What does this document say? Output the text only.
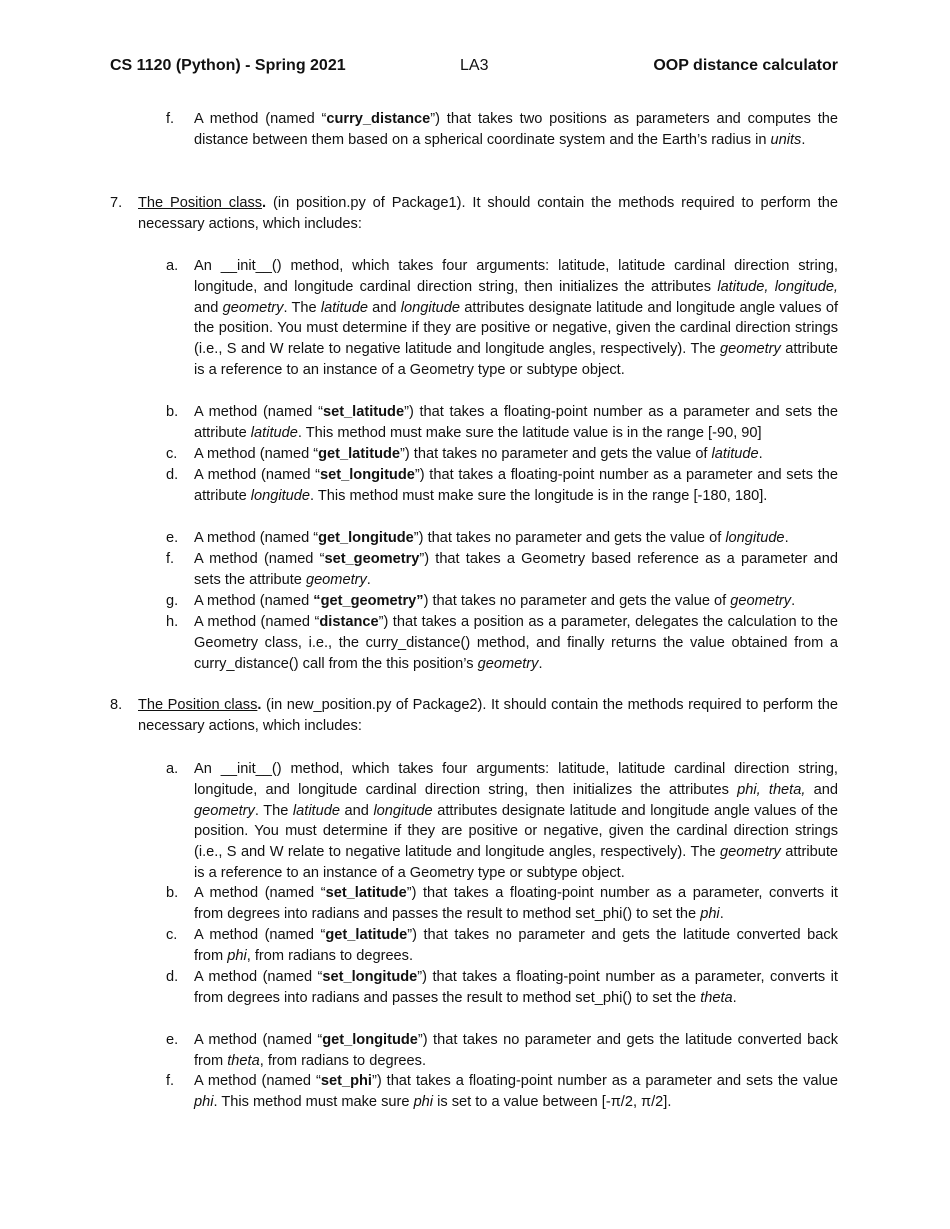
CS 1120 (Python) - Spring 2021	LA3	OOP distance calculator
f.	A method (named “curry_distance”) that takes two positions as parameters and computes the distance between them based on a spherical coordinate system and the Earth’s radius in units.
7.	The Position class. (in position.py of Package1). It should contain the methods required to perform the necessary actions, which includes:
a.	An __init__() method, which takes four arguments: latitude, latitude cardinal direction string, longitude, and longitude cardinal direction string, then initializes the attributes latitude, longitude, and geometry. The latitude and longitude attributes designate latitude and longitude angle values of the position. You must determine if they are positive or negative, given the cardinal direction strings (i.e., S and W relate to negative latitude and longitude angles, respectively). The geometry attribute is a reference to an instance of a Geometry type or subtype object.
b.	A method (named “set_latitude”) that takes a floating-point number as a parameter and sets the attribute latitude. This method must make sure the latitude value is in the range [-90, 90]
c.	A method (named “get_latitude”) that takes no parameter and gets the value of latitude.
d.	A method (named “set_longitude”) that takes a floating-point number as a parameter and sets the attribute longitude. This method must make sure the longitude is in the range [-180, 180].
e.	A method (named “get_longitude”) that takes no parameter and gets the value of longitude.
f.	A method (named “set_geometry”) that takes a Geometry based reference as a parameter and sets the attribute geometry.
g.	A method (named “get_geometry”) that takes no parameter and gets the value of geometry.
h.	A method (named “distance”) that takes a position as a parameter, delegates the calculation to the Geometry class, i.e., the curry_distance() method, and finally returns the value obtained from a curry_distance() call from the this position’s geometry.
8.	The Position class. (in new_position.py of Package2). It should contain the methods required to perform the necessary actions, which includes:
a.	An __init__() method, which takes four arguments: latitude, latitude cardinal direction string, longitude, and longitude cardinal direction string, then initializes the attributes phi, theta, and geometry. The latitude and longitude attributes designate latitude and longitude angle values of the position. You must determine if they are positive or negative, given the cardinal direction strings (i.e., S and W relate to negative latitude and longitude angles, respectively). The geometry attribute is a reference to an instance of a Geometry type or subtype object.
b.	A method (named “set_latitude”) that takes a floating-point number as a parameter, converts it from degrees into radians and passes the result to method set_phi() to set the phi.
c.	A method (named “get_latitude”) that takes no parameter and gets the latitude converted back from phi, from radians to degrees.
d.	A method (named “set_longitude”) that takes a floating-point number as a parameter, converts it from degrees into radians and passes the result to method set_phi() to set the theta.
e.	A method (named “get_longitude”) that takes no parameter and gets the latitude converted back from theta, from radians to degrees.
f.	A method (named “set_phi”) that takes a floating-point number as a parameter and sets the value phi. This method must make sure phi is set to a value between [-π/2, π/2].
